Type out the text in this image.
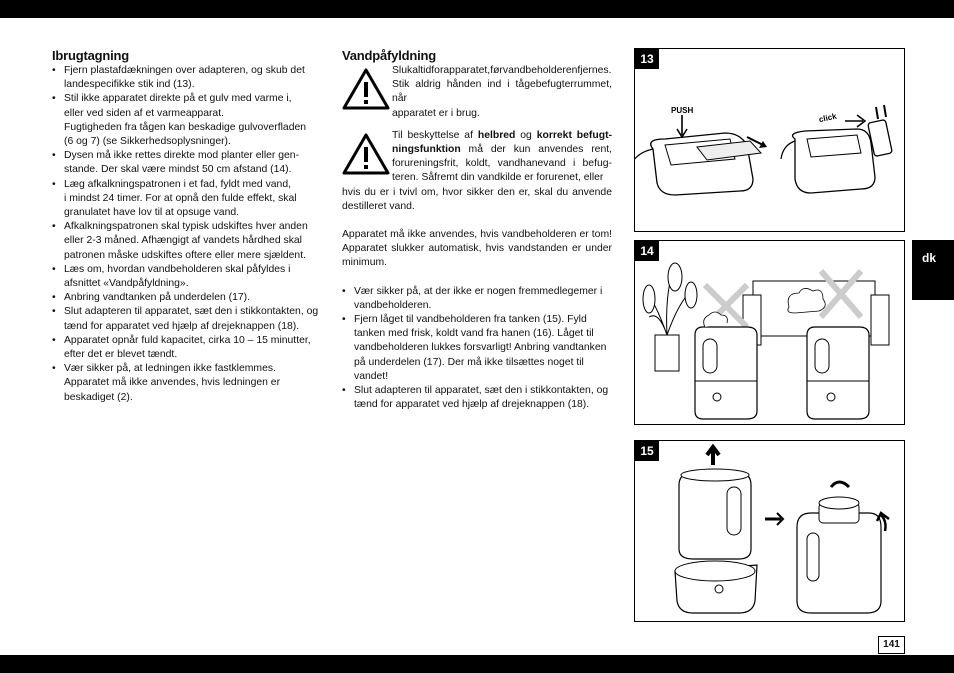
Ibrugtagning
• Fjern plastafdækningen over adapteren, og skub det
landespecifikke stik ind (13).
• Stil ikke apparatet direkte på et gulv med varme i,
eller ved siden af et varmeapparat.
Fugtigheden fra tågen kan beskadige gulvoverfladen
(6 og 7) (se Sikkerhedsoplysninger).
• Dysen må ikke rettes direkte mod planter eller gen-
stande. Der skal være mindst 50 cm afstand (14).
• Læg afkalkningspatronen i et fad, fyldt med vand,
i mindst 24 timer. For at opnå den fulde effekt, skal
granulatet have lov til at opsuge vand.
• Afkalkningspatronen skal typisk udskiftes hver anden
eller 2-3 måned. Afhængigt af vandets hårdhed skal
patronen måske udskiftes oftere eller mere sjældent.
• Læs om, hvordan vandbeholderen skal påfyldes i
afsnittet «Vandpåfyldning».
• Anbring vandtanken på underdelen (17).
• Slut adapteren til apparatet, sæt den i stikkontakten, og
tænd for apparatet ved hjælp af drejeknappen (18).
• Apparatet opnår fuld kapacitet, cirka 10 – 15 minutter,
efter det er blevet tændt.
• Vær sikker på, at ledningen ikke fastklemmes.
Apparatet må ikke anvendes, hvis ledningen er
beskadiget (2).
Vandpåfyldning
Slukaltidforapparatet,førvandbeholderenfjernes.
Stik aldrig hånden ind i tågebefugterrummet, når
apparatet er i brug.
Til beskyttelse af helbred og korrekt befugt-ningsfunktion må der kun anvendes rent, forureningsfrit, koldt, vandhanevand i befug-teren. Såfremt din vandkilde er forurenet, eller
hvis du er i tvivl om, hvor sikker den er, skal du anvende destilleret vand.
Apparatet må ikke anvendes, hvis vandbeholderen er tom! Apparatet slukker automatisk, hvis vandstanden er under minimum.
• Vær sikker på, at der ikke er nogen fremmedlegemer i
vandbeholderen.
• Fjern låget til vandbeholderen fra tanken (15). Fyld
tanken med frisk, koldt vand fra hanen (16). Låget til
vandbeholderen lukkes forsvarligt! Anbring vandtanken
på underdelen (17). Der må ikke tilsættes noget til
vandet!
• Slut adapteren til apparatet, sæt den i stikkontakten, og
tænd for apparatet ved hjælp af drejeknappen (18).
PUSH
click
13
14
15
dk
141
